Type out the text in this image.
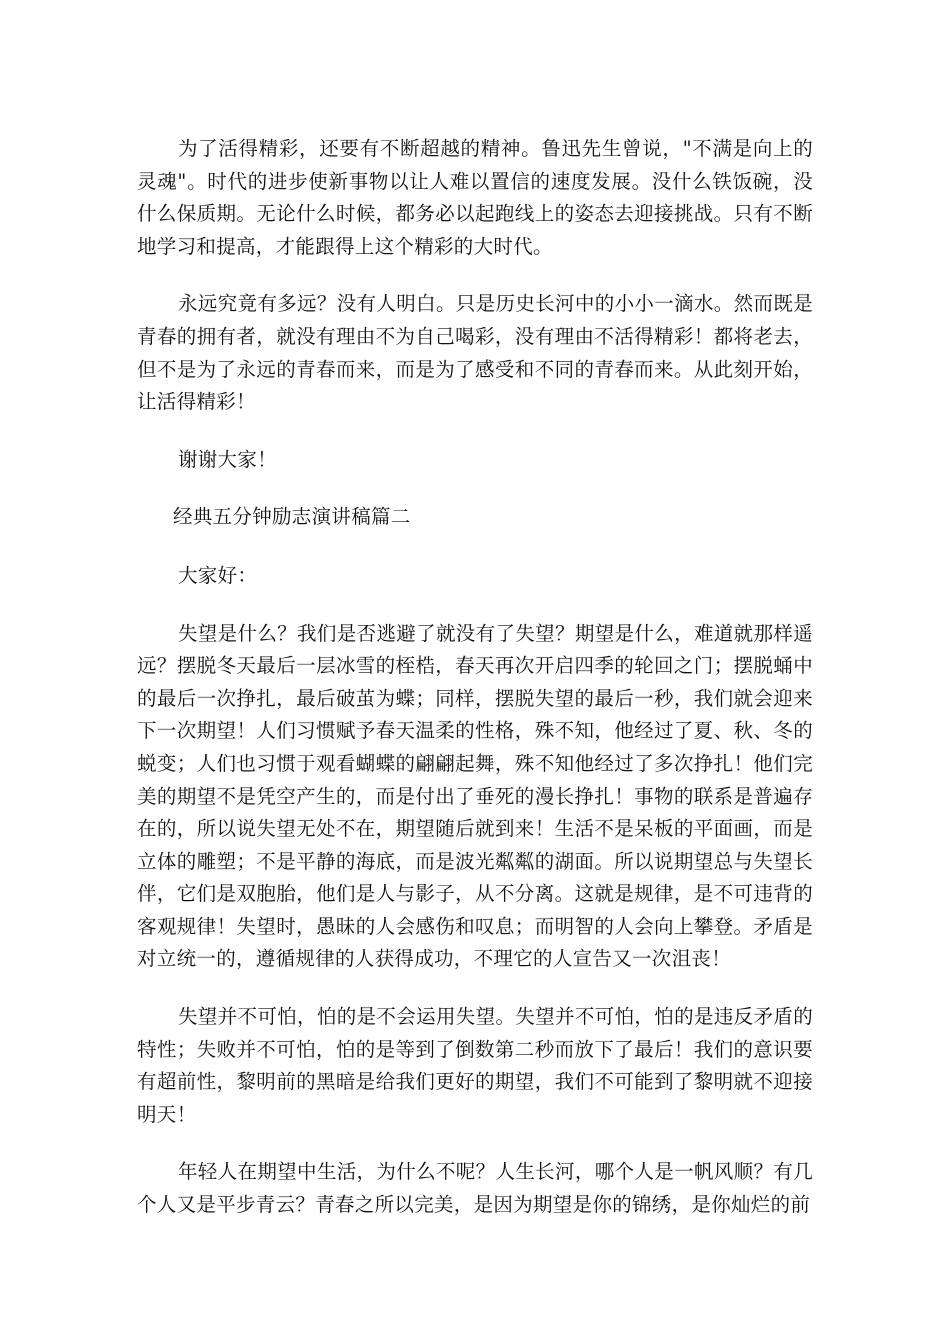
为了活得精彩，还要有不断超越的精神。鲁迅先生曾说，"不满是向上的灵魂"。时代的进步使新事物以让人难以置信的速度发展。没什么铁饭碗，没什么保质期。无论什么时候，都务必以起跑线上的姿态去迎接挑战。只有不断地学习和提高，才能跟得上这个精彩的大时代。

永远究竟有多远？没有人明白。只是历史长河中的小小一滴水。然而既是青春的拥有者，就没有理由不为自己喝彩，没有理由不活得精彩！都将老去，但不是为了永远的青春而来，而是为了感受和不同的青春而来。从此刻开始，让活得精彩！

谢谢大家！

经典五分钟励志演讲稿篇二

大家好：

失望是什么？我们是否逃避了就没有了失望？期望是什么，难道就那样遥远？摆脱冬天最后一层冰雪的桎梏，春天再次开启四季的轮回之门；摆脱蛹中的最后一次挣扎，最后破茧为蝶；同样，摆脱失望的最后一秒，我们就会迎来下一次期望！人们习惯赋予春天温柔的性格，殊不知，他经过了夏、秋、冬的蜕变；人们也习惯于观看蝴蝶的翩翩起舞，殊不知他经过了多次挣扎！他们完美的期望不是凭空产生的，而是付出了垂死的漫长挣扎！事物的联系是普遍存在的，所以说失望无处不在，期望随后就到来！生活不是呆板的平面画，而是立体的雕塑；不是平静的海底，而是波光粼粼的湖面。所以说期望总与失望长伴，它们是双胞胎，他们是人与影子，从不分离。这就是规律，是不可违背的客观规律！失望时，愚昧的人会感伤和叹息；而明智的人会向上攀登。矛盾是对立统一的，遵循规律的人获得成功，不理它的人宣告又一次沮丧！

失望并不可怕，怕的是不会运用失望。失望并不可怕，怕的是违反矛盾的特性；失败并不可怕，怕的是等到了倒数第二秒而放下了最后！我们的意识要有超前性，黎明前的黑暗是给我们更好的期望，我们不可能到了黎明就不迎接明天！

年轻人在期望中生活，为什么不呢？人生长河，哪个人是一帆风顺？有几个人又是平步青云？青春之所以完美，是因为期望是你的锦绣，是你灿烂的前
